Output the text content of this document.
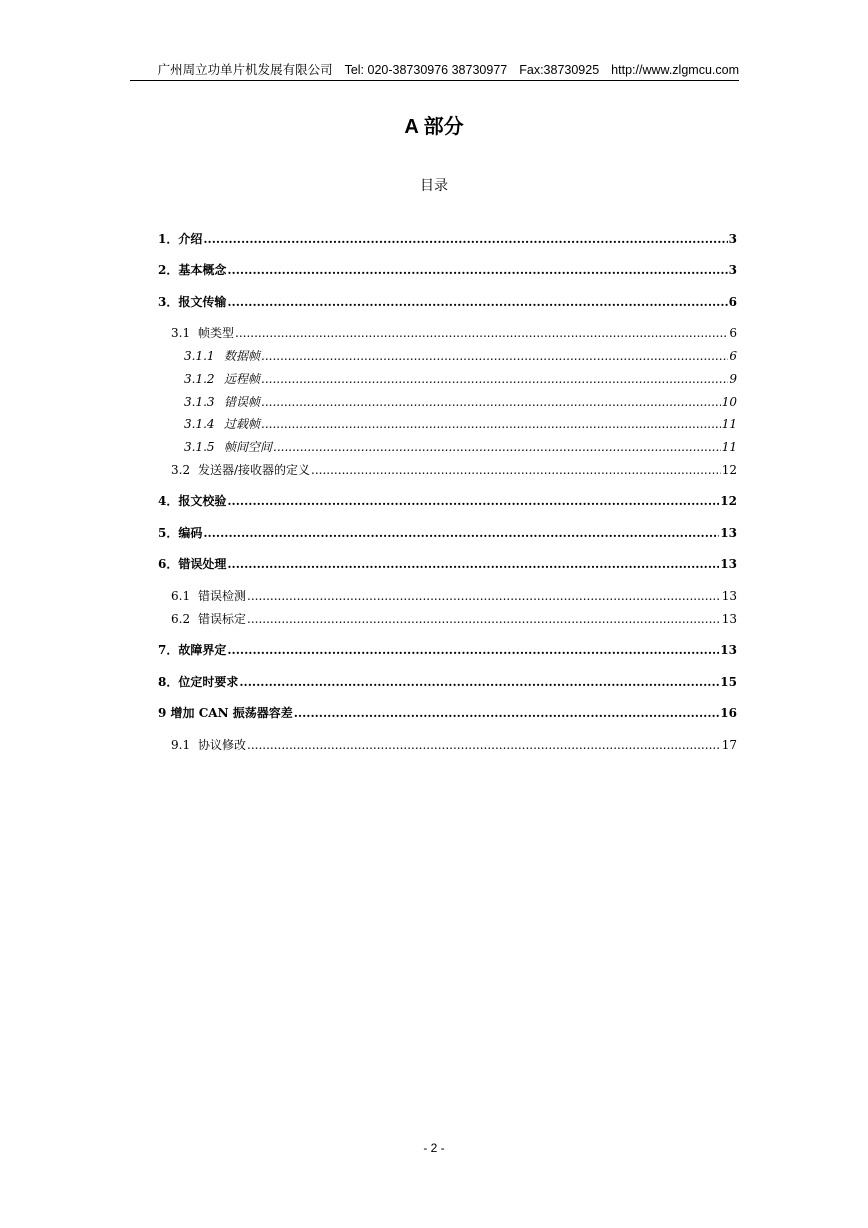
广州周立功单片机发展有限公司 Tel: 020-38730976 38730977 Fax:38730925 http://www.zlgmcu.com
A 部分
目录
1．介绍 .....	3
2．基本概念 .....	3
3．报文传输 .....	6
3.1 帧类型 .....	6
3.1.1 数据帧 .....	6
3.1.2 远程帧 .....	9
3.1.3 错误帧 .....	10
3.1.4 过载帧 .....	11
3.1.5 帧间空间 .....	11
3.2 发送器/接收器的定义 .....	12
4．报文校验 .....	12
5．编码 .....	13
6．错误处理 .....	13
6.1 错误检测 .....	13
6.2 错误标定 .....	13
7．故障界定 .....	13
8．位定时要求 .....	15
9 增加 CAN 振荡器容差 .....	16
9.1 协议修改 .....	17
- 2 -
